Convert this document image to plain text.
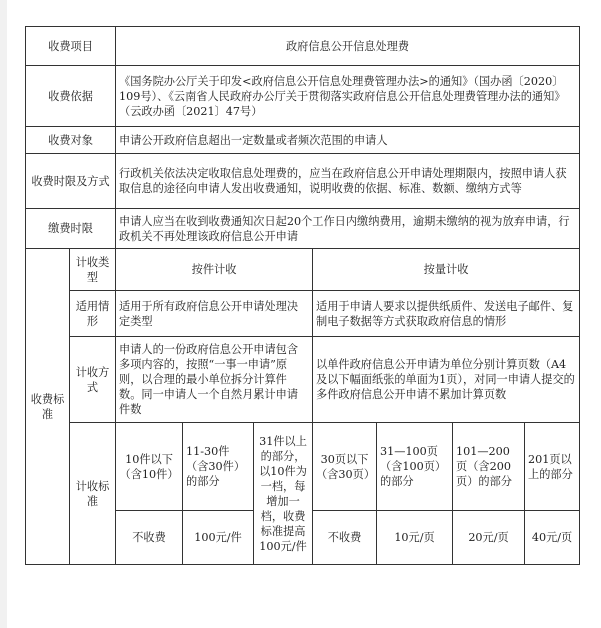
收费项目		政府信息公开信息处理费						
收费依据		《国务院办公厅关于印发<政府信息公开信息处理费管理办法>的通知》（国办函〔2020〕109号）、《云南省人民政府办公厅关于贯彻落实政府信息公开信息处理费管理办法的通知》（云政办函〔2021〕47号）						
收费对象		申请公开政府信息超出一定数量或者频次范围的申请人						
收费时限及方式		行政机关依法决定收取信息处理费的，应当在政府信息公开申请处理期限内，按照申请人获取信息的途径向申请人发出收费通知，说明收费的依据、标准、数额、缴纳方式等						
缴费时限		申请人应当在收到收费通知次日起20个工作日内缴纳费用，逾期未缴纳的视为放弃申请，行政机关不再处理该政府信息公开申请						
收费标准	计收类型	按件计收			按量计收			
	适用情形	适用于所有政府信息公开申请处理决定类型			适用于申请人要求以提供纸质件、发送电子邮件、复制电子数据等方式获取政府信息的情形			
	计收方式	申请人的一份政府信息公开申请包含多项内容的，按照“一事一申请”原则，以合理的最小单位拆分计算件数。同一申请人一个自然月累计申请件数			以单件政府信息公开申请为单位分别计算页数（A4及以下幅面纸张的单面为1页），对同一申请人提交的多件政府信息公开申请不累加计算页数			
	计收标准	10件以下（含10件）	11-30件（含30件）的部分	31件以上的部分，以10件为一档，每增加一档，收费标准提高100元/件	30页以下（含30页）	31—100页（含100页）的部分	101—200页（含200页）的部分	201页以上的部分
		不收费	100元/件		不收费	10元/页	20元/页	40元/页
